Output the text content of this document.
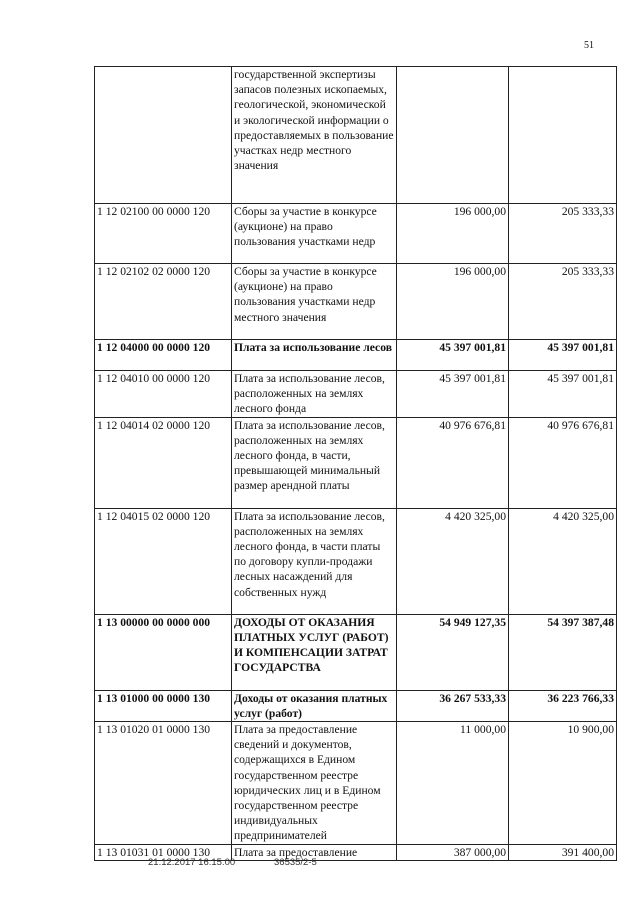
51
	государственной экспертизы запасов полезных ископаемых, геологической, экономической и экологической информации о предоставляемых в пользование участках недр местного значения		
1 12 02100 00 0000 120	Сборы за участие в конкурсе (аукционе) на право пользования участками недр	196 000,00	205 333,33
1 12 02102 02 0000 120	Сборы за участие в конкурсе (аукционе) на право пользования участками недр местного значения	196 000,00	205 333,33
1 12 04000 00 0000 120	Плата за использование лесов	45 397 001,81	45 397 001,81
1 12 04010 00 0000 120	Плата за использование лесов, расположенных на землях лесного фонда	45 397 001,81	45 397 001,81
1 12 04014 02 0000 120	Плата за использование лесов, расположенных на землях лесного фонда, в части, превышающей минимальный размер арендной платы	40 976 676,81	40 976 676,81
1 12 04015 02 0000 120	Плата за использование лесов, расположенных на землях лесного фонда, в части платы по договору купли-продажи лесных насаждений для собственных нужд	4 420 325,00	4 420 325,00
1 13 00000 00 0000 000	ДОХОДЫ ОТ ОКАЗАНИЯ ПЛАТНЫХ УСЛУГ (РАБОТ) И КОМПЕНСАЦИИ ЗАТРАТ ГОСУДАРСТВА	54 949 127,35	54 397 387,48
1 13 01000 00 0000 130	Доходы от оказания платных услуг (работ)	36 267 533,33	36 223 766,33
1 13 01020 01 0000 130	Плата за предоставление сведений и документов, содержащихся в Едином государственном реестре юридических лиц и в Едином государственном реестре индивидуальных предпринимателей	11 000,00	10 900,00
1 13 01031 01 0000 130	Плата за предоставление	387 000,00	391 400,00
21.12.2017 16:15:00	36535/2-5
